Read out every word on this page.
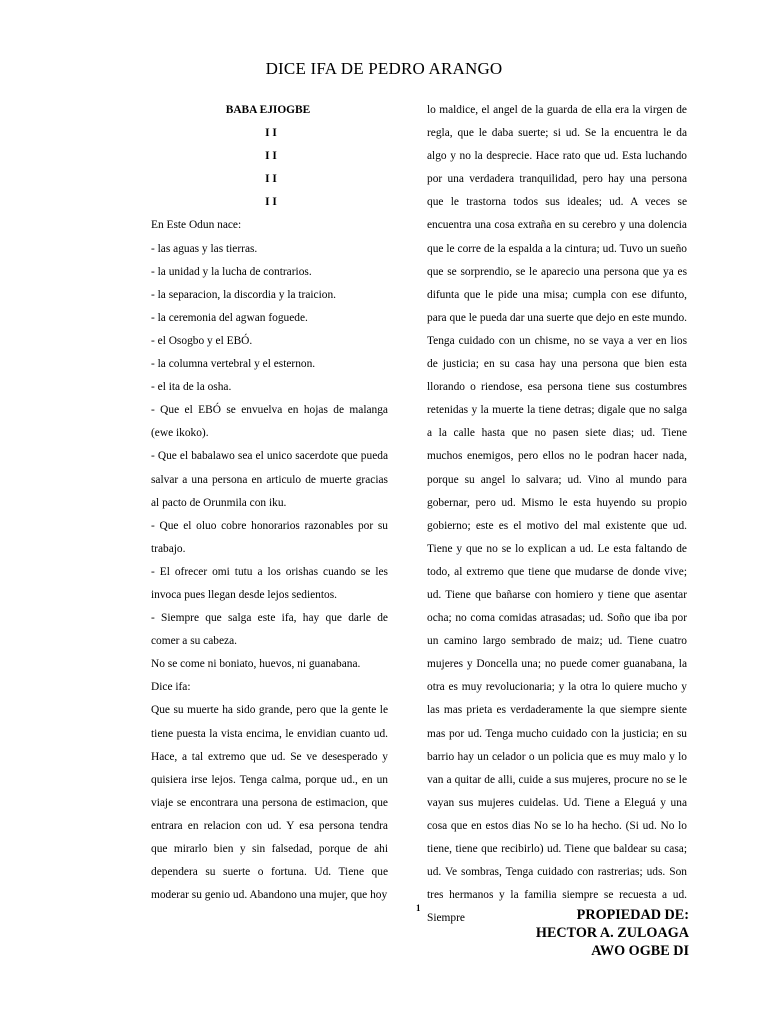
DICE IFA DE PEDRO ARANGO

BABA EJIOGBE

I I

I I

I I

I I

En Este Odun nace:

- las aguas y las tierras.

- la unidad y la lucha de contrarios.

- la separacion, la discordia y la traicion.

- la ceremonia del agwan foguede.

- el Osogbo y el EBÓ.

- la columna vertebral y el esternon.

- el ita de la osha.

- Que el EBÓ se envuelva en hojas de malanga (ewe ikoko).

- Que el babalawo sea el unico sacerdote que pueda salvar a una persona en articulo de muerte gracias al pacto de Orunmila con iku.

- Que el oluo cobre honorarios razonables por su trabajo.

- El ofrecer omi tutu a los orishas cuando se les invoca pues llegan desde lejos sedientos.

- Siempre que salga este ifa, hay que darle de comer a su cabeza.

No se come ni boniato, huevos, ni guanabana.

Dice ifa:

Que su muerte ha sido grande, pero que la gente le tiene puesta la vista encima, le envidian cuanto ud. Hace, a tal extremo que ud. Se ve desesperado y quisiera irse lejos. Tenga calma, porque ud., en un viaje se encontrara una persona de estimacion, que entrara en relacion con ud. Y esa persona tendra que mirarlo bien y sin falsedad, porque de ahi dependera su suerte o fortuna. Ud. Tiene que moderar su genio ud. Abandono una mujer, que hoy

lo maldice, el angel de la guarda de ella era la virgen de regla, que le daba suerte; si ud. Se la encuentra le da algo y no la desprecie. Hace rato que ud. Esta luchando por una verdadera tranquilidad, pero hay una persona que le trastorna todos sus ideales; ud. A veces se encuentra una cosa extraña en su cerebro y una dolencia que le corre de la espalda a la cintura; ud. Tuvo un sueño que se sorprendio, se le aparecio una persona que ya es difunta que le pide una misa; cumpla con ese difunto, para que le pueda dar una suerte que dejo en este mundo. Tenga cuidado con un chisme, no se vaya a ver en lios de justicia; en su casa hay una persona que bien esta llorando o riendose, esa persona tiene sus costumbres retenidas y la muerte la tiene detras; digale que no salga a la calle hasta que no pasen siete dias; ud. Tiene muchos enemigos, pero ellos no le podran hacer nada, porque su angel lo salvara; ud. Vino al mundo para gobernar, pero ud. Mismo le esta huyendo su propio gobierno; este es el motivo del mal existente que ud. Tiene y que no se lo explican a ud. Le esta faltando de todo, al extremo que tiene que mudarse de donde vive; ud. Tiene que bañarse con homiero y tiene que asentar ocha; no coma comidas atrasadas; ud. Soño que iba por un camino largo sembrado de maiz; ud. Tiene cuatro mujeres y Doncella una; no puede comer guanabana, la otra es muy revolucionaria; y la otra lo quiere mucho y las mas prieta es verdaderamente la que siempre siente mas por ud. Tenga mucho cuidado con la justicia; en su barrio hay un celador o un policia que es muy malo y lo van a quitar de alli, cuide a sus mujeres, procure no se le vayan sus mujeres cuidelas. Ud. Tiene a Eleguá y una cosa que en estos dias No se lo ha hecho. (Si ud. No lo tiene, tiene que recibirlo) ud. Tiene que baldear su casa; ud. Ve sombras, Tenga cuidado con rastrerias; uds. Son tres hermanos y la familia siempre se recuesta a ud. Siempre

1	PROPIEDAD DE:
HECTOR A. ZULOAGA
AWO OGBE DI
